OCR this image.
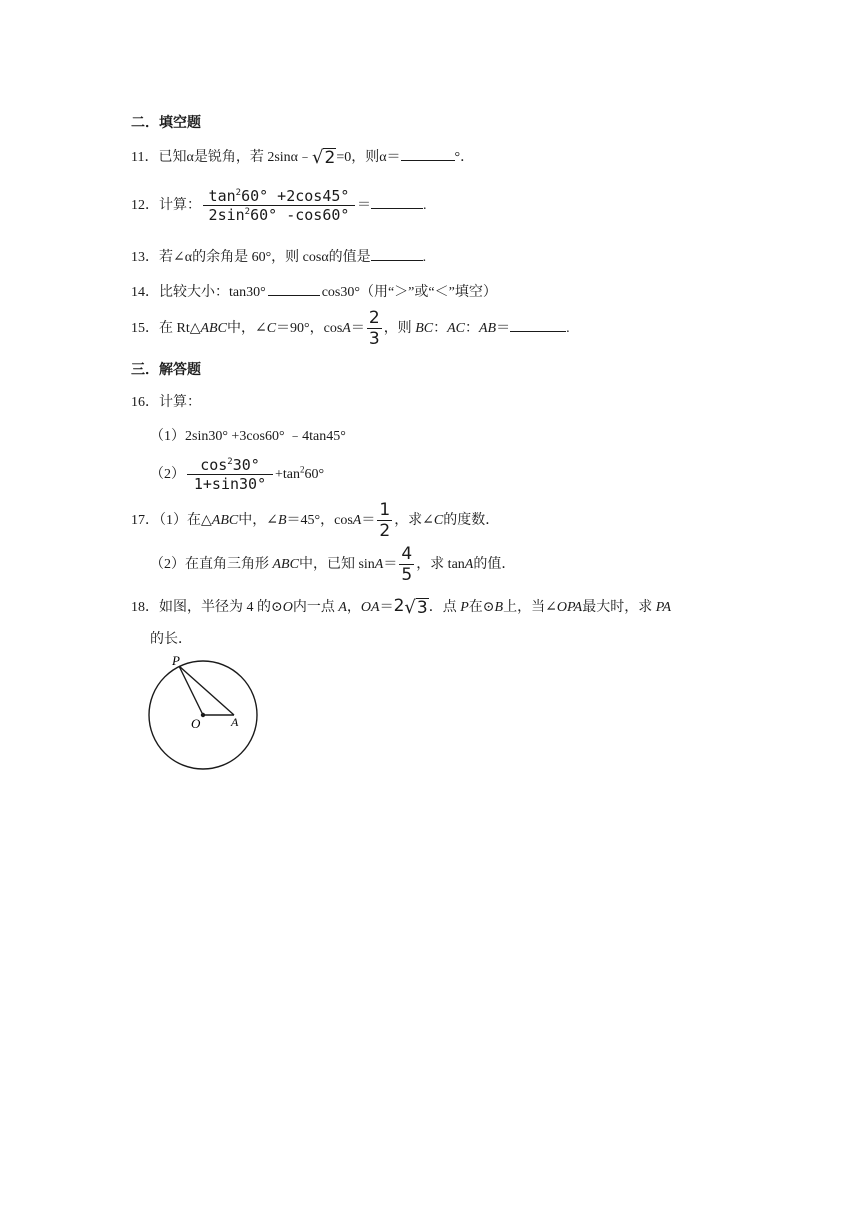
二．填空题
11．已知α是锐角，若 2sinα﹣ √ 2 =0，则α＝	°．
12．计算： $\frac{\tan^260^\circ +2\cos 45^\circ}{2\sin^260^\circ -\cos 60^\circ}$ ＝	.
13．若∠α的余角是 60°，则 cosα的值是	.
14．比较大小：tan30°	cos30°（用“＞”或“＜”填空）
15．在 Rt△ABC中，∠C＝90°，$\cos A= \frac{2}{3}$ ，则 BC：AC：AB＝	.
三．解答题
16．计算：
（1）2sin30° +3cos60° ﹣4tan45°
$(2) \frac{\cos^230^\circ}{1+\sin 30^\circ} +\tan^260^\circ$
17．（1）在△ABC中，∠B＝45°，$\cos A= \frac{1}{2}$ ，求∠C的度数．
（2）在直角三角形 ABC中，已知 $\sin A= \frac{4}{5}$ ，求 tanA的值．
18．如图，半径为 4 的⊙O内一点 A，OA＝2 √ 3 ．点 P在⊙B上，当∠OPA最大时，求 PA
的长．
P
O	A
